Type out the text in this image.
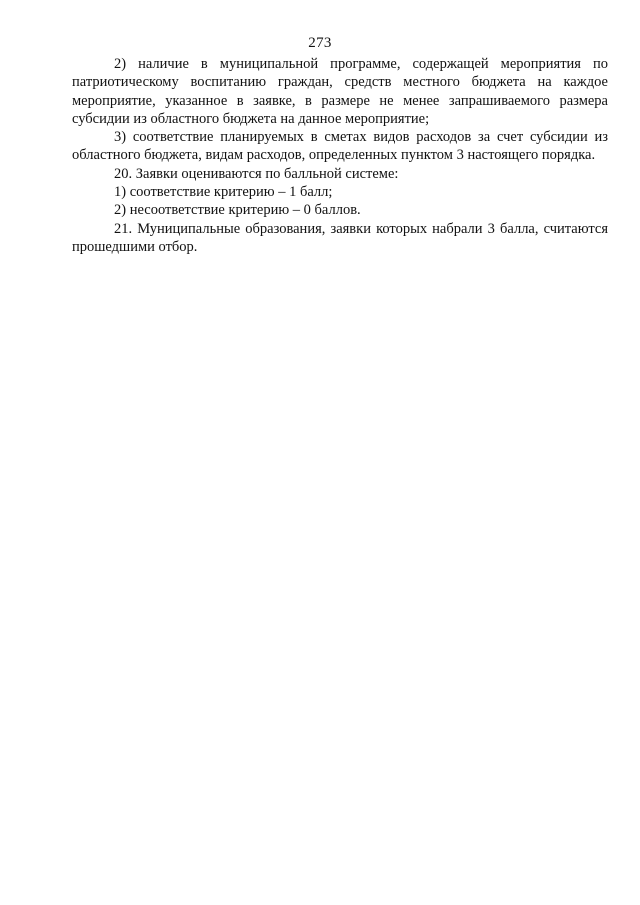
273

2) наличие в муниципальной программе, содержащей мероприятия по патриотическому воспитанию граждан, средств местного бюджета на каждое мероприятие, указанное в заявке, в размере не менее запрашиваемого размера субсидии из областного бюджета на данное мероприятие;

3) соответствие планируемых в сметах видов расходов за счет субсидии из областного бюджета, видам расходов, определенных пунктом 3 настоящего порядка.

20. Заявки оцениваются по балльной системе:

1) соответствие критерию – 1 балл;

2) несоответствие критерию – 0 баллов.

21. Муниципальные образования, заявки которых набрали 3 балла, считаются прошедшими отбор.
